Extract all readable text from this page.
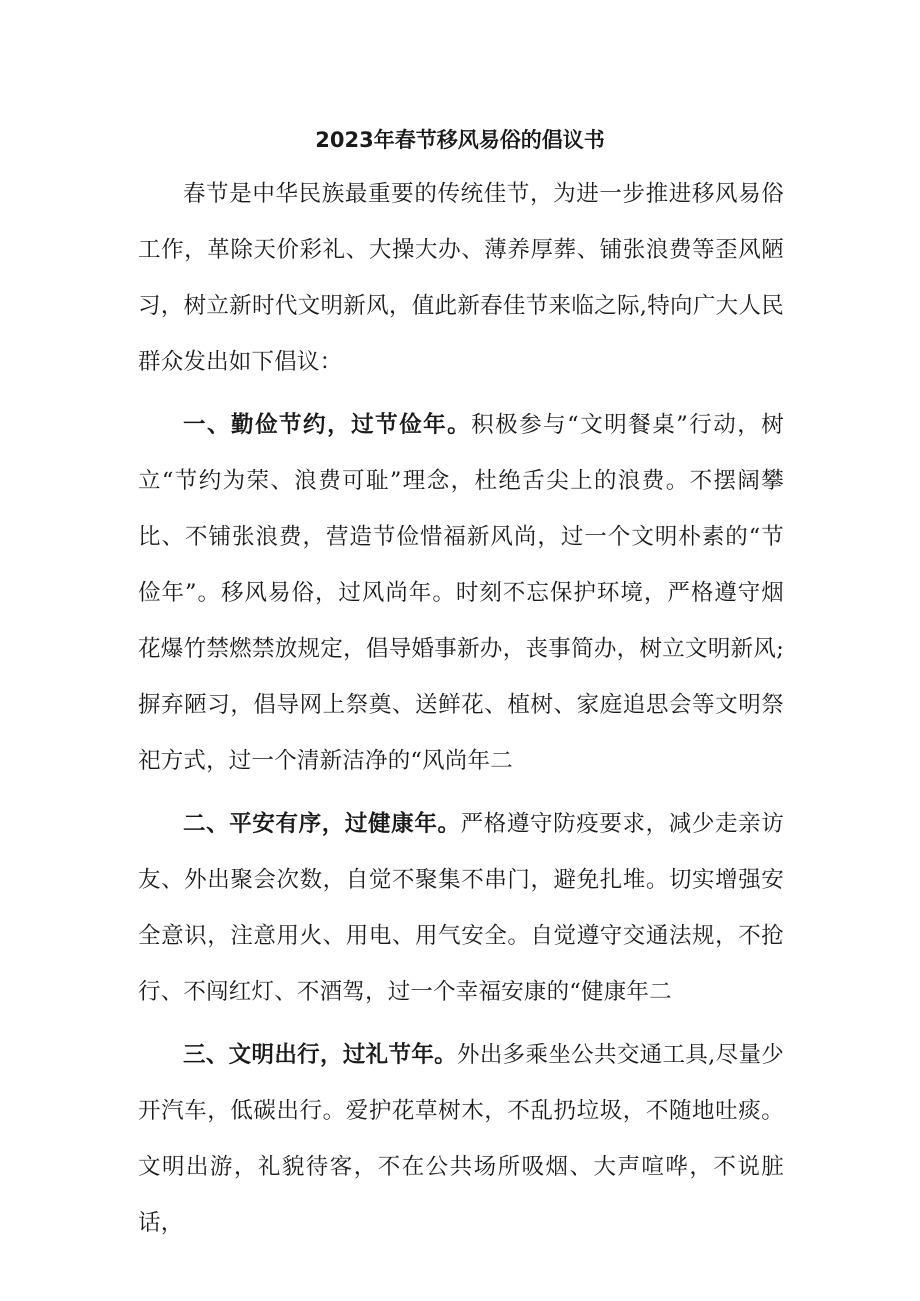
2023年春节移风易俗的倡议书

春节是中华民族最重要的传统佳节，为进一步推进移风易俗工作，革除天价彩礼、大操大办、薄养厚葬、铺张浪费等歪风陋习，树立新时代文明新风，值此新春佳节来临之际,特向广大人民群众发出如下倡议：

一、勤俭节约，过节俭年。积极参与“文明餐桌”行动，树立“节约为荣、浪费可耻”理念，杜绝舌尖上的浪费。不摆阔攀比、不铺张浪费，营造节俭惜福新风尚，过一个文明朴素的“节俭年”。移风易俗，过风尚年。时刻不忘保护环境，严格遵守烟花爆竹禁燃禁放规定，倡导婚事新办，丧事简办，树立文明新风;摒弃陋习，倡导网上祭奠、送鲜花、植树、家庭追思会等文明祭祀方式，过一个清新洁净的“风尚年二

二、平安有序，过健康年。严格遵守防疫要求，减少走亲访友、外出聚会次数，自觉不聚集不串门，避免扎堆。切实增强安全意识，注意用火、用电、用气安全。自觉遵守交通法规，不抢行、不闯红灯、不酒驾，过一个幸福安康的“健康年二

三、文明出行，过礼节年。外出多乘坐公共交通工具,尽量少开汽车，低碳出行。爱护花草树木，不乱扔垃圾，不随地吐痰。文明出游，礼貌待客，不在公共场所吸烟、大声喧哗，不说脏话，
